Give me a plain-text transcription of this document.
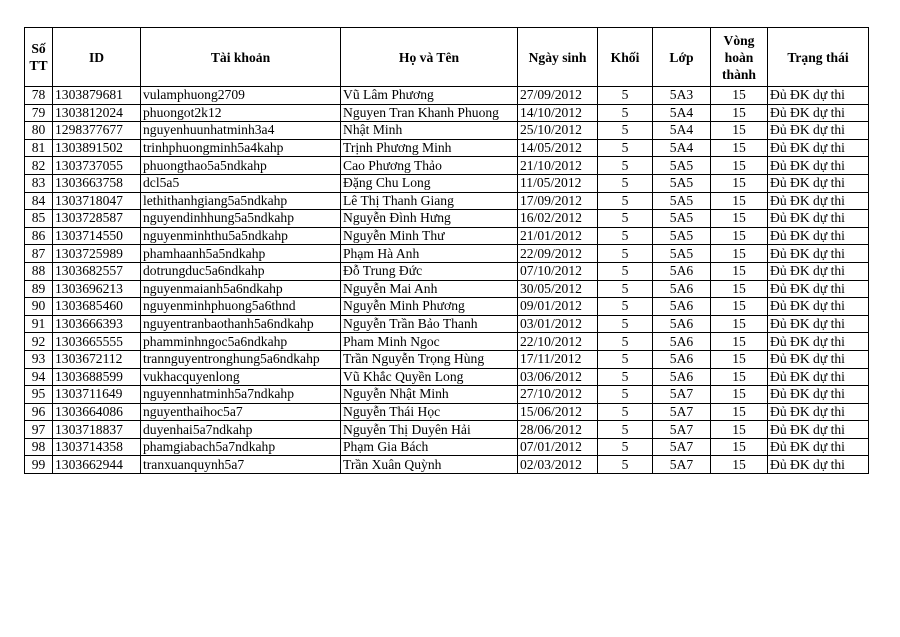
Số TT	ID	Tài khoản	Họ và Tên	Ngày sinh	Khối	Lớp	Vòng hoàn thành	Trạng thái
78	1303879681	vulamphuong2709	Vũ Lâm Phương	27/09/2012	5	5A3	15	Đủ ĐK dự thi
79	1303812024	phuongot2k12	Nguyen Tran Khanh Phuong	14/10/2012	5	5A4	15	Đủ ĐK dự thi
80	1298377677	nguyenhuunhatminh3a4	Nhật Minh	25/10/2012	5	5A4	15	Đủ ĐK dự thi
81	1303891502	trinhphuongminh5a4kahp	Trịnh Phương Minh	14/05/2012	5	5A4	15	Đủ ĐK dự thi
82	1303737055	phuongthao5a5ndkahp	Cao Phương Thảo	21/10/2012	5	5A5	15	Đủ ĐK dự thi
83	1303663758	dcl5a5	Đặng Chu Long	11/05/2012	5	5A5	15	Đủ ĐK dự thi
84	1303718047	lethithanhgiang5a5ndkahp	Lê Thị Thanh Giang	17/09/2012	5	5A5	15	Đủ ĐK dự thi
85	1303728587	nguyendinhhung5a5ndkahp	Nguyễn Đình Hưng	16/02/2012	5	5A5	15	Đủ ĐK dự thi
86	1303714550	nguyenminhthu5a5ndkahp	Nguyễn Minh Thư	21/01/2012	5	5A5	15	Đủ ĐK dự thi
87	1303725989	phamhaanh5a5ndkahp	Phạm Hà Anh	22/09/2012	5	5A5	15	Đủ ĐK dự thi
88	1303682557	dotrungduc5a6ndkahp	Đỗ Trung Đức	07/10/2012	5	5A6	15	Đủ ĐK dự thi
89	1303696213	nguyenmaianh5a6ndkahp	Nguyễn Mai Anh	30/05/2012	5	5A6	15	Đủ ĐK dự thi
90	1303685460	nguyenminhphuong5a6thnd	Nguyễn Minh Phương	09/01/2012	5	5A6	15	Đủ ĐK dự thi
91	1303666393	nguyentranbaothanh5a6ndkahp	Nguyễn Trần Bảo Thanh	03/01/2012	5	5A6	15	Đủ ĐK dự thi
92	1303665555	phamminhngoc5a6ndkahp	Pham Minh Ngoc	22/10/2012	5	5A6	15	Đủ ĐK dự thi
93	1303672112	trannguyentronghung5a6ndkahp	Trần Nguyễn Trọng Hùng	17/11/2012	5	5A6	15	Đủ ĐK dự thi
94	1303688599	vukhacquyenlong	Vũ Khắc Quyền Long	03/06/2012	5	5A6	15	Đủ ĐK dự thi
95	1303711649	nguyennhatminh5a7ndkahp	Nguyễn Nhật Minh	27/10/2012	5	5A7	15	Đủ ĐK dự thi
96	1303664086	nguyenthaihoc5a7	Nguyễn Thái Học	15/06/2012	5	5A7	15	Đủ ĐK dự thi
97	1303718837	duyenhai5a7ndkahp	Nguyễn Thị Duyên Hải	28/06/2012	5	5A7	15	Đủ ĐK dự thi
98	1303714358	phamgiabach5a7ndkahp	Phạm Gia Bách	07/01/2012	5	5A7	15	Đủ ĐK dự thi
99	1303662944	tranxuanquynh5a7	Trần Xuân Quỳnh	02/03/2012	5	5A7	15	Đủ ĐK dự thi
